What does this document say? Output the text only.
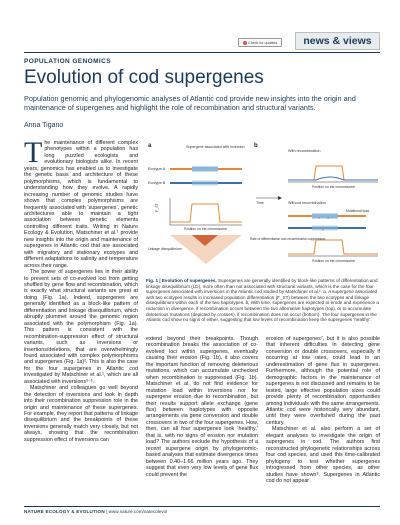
Check for updates	news & views
POPULATION GENOMICS
Evolution of cod supergenes
Population genomic and phylogenomic analyses of Atlantic cod provide new insights into the origin and maintenance of supergenes and highlight the role of recombination and structural variants.
Anna Tigano

The maintenance of different complex phenotypes within a population has long puzzled ecologists and evolutionary biologists alike. In recent years, genomics has enabled us to investigate the genetic basis and architecture of these polymorphisms, which is fundamental to understanding how they evolve. A rapidly increasing number of genomic studies have shown that complex polymorphisms are frequently associated with ‘supergenes’, genetic architectures able to maintain a tight association between genetic elements controlling different traits. Writing in Nature Ecology & Evolution, Matschiner et al.¹ provide new insights into the origin and maintenance of supergenes in Atlantic cod that are associated with migratory and stationary ecotypes and different adaptations to salinity and temperature across their range.

The power of supergenes lies in their ability to prevent sets of co-evolved loci from getting shuffled by gene flow and recombination, which is exactly what structural variants are great at doing (Fig. 1a). Indeed, supergenes are generally identified as a block-like pattern of differentiation and linkage disequilibrium, which abruptly plummet around the genomic region associated with the polymorphism (Fig. 1a). This pattern is consistent with the recombination-suppression effect of structural variants, such as inversions or insertions/deletions, that are overwhelmingly found associated with complex polymorphisms and supergenes (Fig. 1a)². This is also the case for the four supergenes in Atlantic cod investigated by Matschiner et al.¹, which are all associated with inversions³⁻⁵.

Matschiner and colleagues go well beyond the detection of inversions and look in depth into their recombination suppression role in the origin and maintenance of these supergenes. For example, they report that patterns of linkage disequilibrium and the breakpoints of these inversions generally match very closely, but not always, showing that the recombination suppression effect of inversions can

a	Supergene associated with inversion
Ecotype A
Ecotype B
F_ST
Position on the chromosome
Linkage disequilibrium
b
Time
With recombination
Position on the chromosome
Without recombination
× ×
×
Mutational load
Position on the chromosome
Rate of differentiation and recombination suppression
Fig. 1 | Evolution of supergenes. Supergenes are generally identified by block-like patterns of differentiation and linkage disequilibrium (LD), more often than not associated with structural variants, which is the case for the four supergenes associated with inversions in the Atlantic cod studied by Matschiner et al.¹. a, A supergene associated with two ecotypes results in increased population differentiation (F_ST) between the two ecotypes and linkage disequilibrium within each of the two haplotypes. b, With time, supergenes are expected to erode and experience a reduction in divergence, if recombination occurs between the two alternative haplotypes (top), or to accumulate deleterious mutations (depicted by crosses), if recombination does not occur (bottom). The four supergenes in the Atlantic cod show no signs of either, suggesting that low levels of recombination keep the supergenes ‘healthy’.

extend beyond their breakpoints. Though recombination breaks the association of co-evolved loci within supergenes, eventually causing their erosion (Fig. 1b), it also covers the important function of removing deleterious mutations, which can accumulate unchecked when recombination is suppressed (Fig. 1b). Matschiner et al. do not find evidence for mutation load within inversions nor for supergene erosion due to recombination, but their results support allele exchange (gene flux) between haplotypes with opposite arrangements via gene conversion and double crossovers in two of the four supergenes. How, then, can all four supergenes look ‘healthy,’ that is, with no signs of erosion nor mutation load? The authors exclude the hypothesis of a recent supergene origin by phylogenomic-based analyses that estimate divergence times between 0.40–1.66 million years ago. They suggest that even very low levels of gene flux could prevent the

erosion of supergenes⁷, but it is also possible that inherent difficulties in detecting gene conversion or double crossovers, especially if occurring at low rates, could lead to an underestimation of gene flux in supergenes. Furthermore, although the potential role of demographic factors in the maintenance of supergenes is not discussed and remains to be tested, large effective population sizes could provide plenty of recombination opportunities among individuals with the same arrangements. Atlantic cod were historically very abundant, until they were overfished during the past century.

Matschiner et al. also perform a set of elegant analyses to investigate the origin of supergenes in cod. The authors first reconstructed phylogenetic relationships across four cod species, and used this time-calibrated phylogeny to test whether supergenes introgressed from other species, as other studies have shown⁸. Supergenes in Atlantic cod do not appear

NATURE ECOLOGY & EVOLUTION | www.nature.com/natecolevol
